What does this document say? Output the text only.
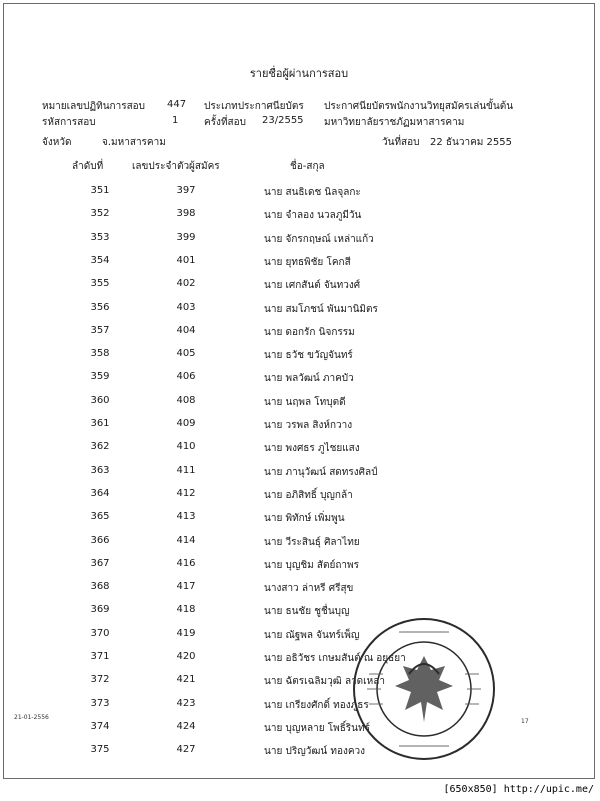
รายชื่อผู้ผ่านการสอบ
หมายเลขปฏิทินการสอบ 447 ประเภทประกาศนียบัตร ประกาศนียบัตรพนักงานวิทยุสมัครเล่นขั้นต้น
รหัสการสอบ	1	ครั้งที่สอบ 23/2555 มหาวิทยาลัยราชภัฏมหาสารคาม
จังหวัด	จ.มหาสารคาม	วันที่สอบ 22 ธันวาคม 2555
ลำดับที่	เลขประจำตัวผู้สมัคร	ชื่อ-สกุล
351	397	นาย สนธิเดช นิลจุลกะ
352	398	นาย จำลอง นวลภูมีวัน
353	399	นาย จักรกฤษณ์ เหล่าแก้ว
354	401	นาย ยุทธพิชัย โคกสี
355	402	นาย เศกสันต์ จันทวงศ์
356	403	นาย สมโภชน์ พันมานิมิตร
357	404	นาย ดอกรัก นิจกรรม
358	405	นาย ธวัช ขวัญจันทร์
359	406	นาย พลวัฒน์ ภาคบัว
360	408	นาย นฤพล โทบุตดี
361	409	นาย วรพล สิงห์กวาง
362	410	นาย พงศธร ภูไชยแสง
363	411	นาย ภานุวัฒน์ สดทรงศิลป์
364	412	นาย อภิสิทธิ์ บุญกล้า
365	413	นาย พิทักษ์ เพิ่มพูน
366	414	นาย วีระสินธุ์ ศิลาไทย
367	416	นาย บุญชิม สัตย์ถาพร
368	417	นางสาว ล่าหรี ศรีสุข
369	418	นาย ธนชัย ชูชื่นบุญ
370	419	นาย ณัฐพล จันทร์เพ็ญ
371	420	นาย อธิวัชร เกษมสันต์ ณ อยุธยา
372	421	นาย ฉัตรเฉลิมวุฒิ ลาดเหลา
373	423	นาย เกรียงศักดิ์ ทองภูธร
374	424	นาย บุญหลาย โพธิ์รินทร์
375	427	นาย ปริญวัฒน์ ทองควง
21-01-2556
17
[650x850] http://upic.me/
